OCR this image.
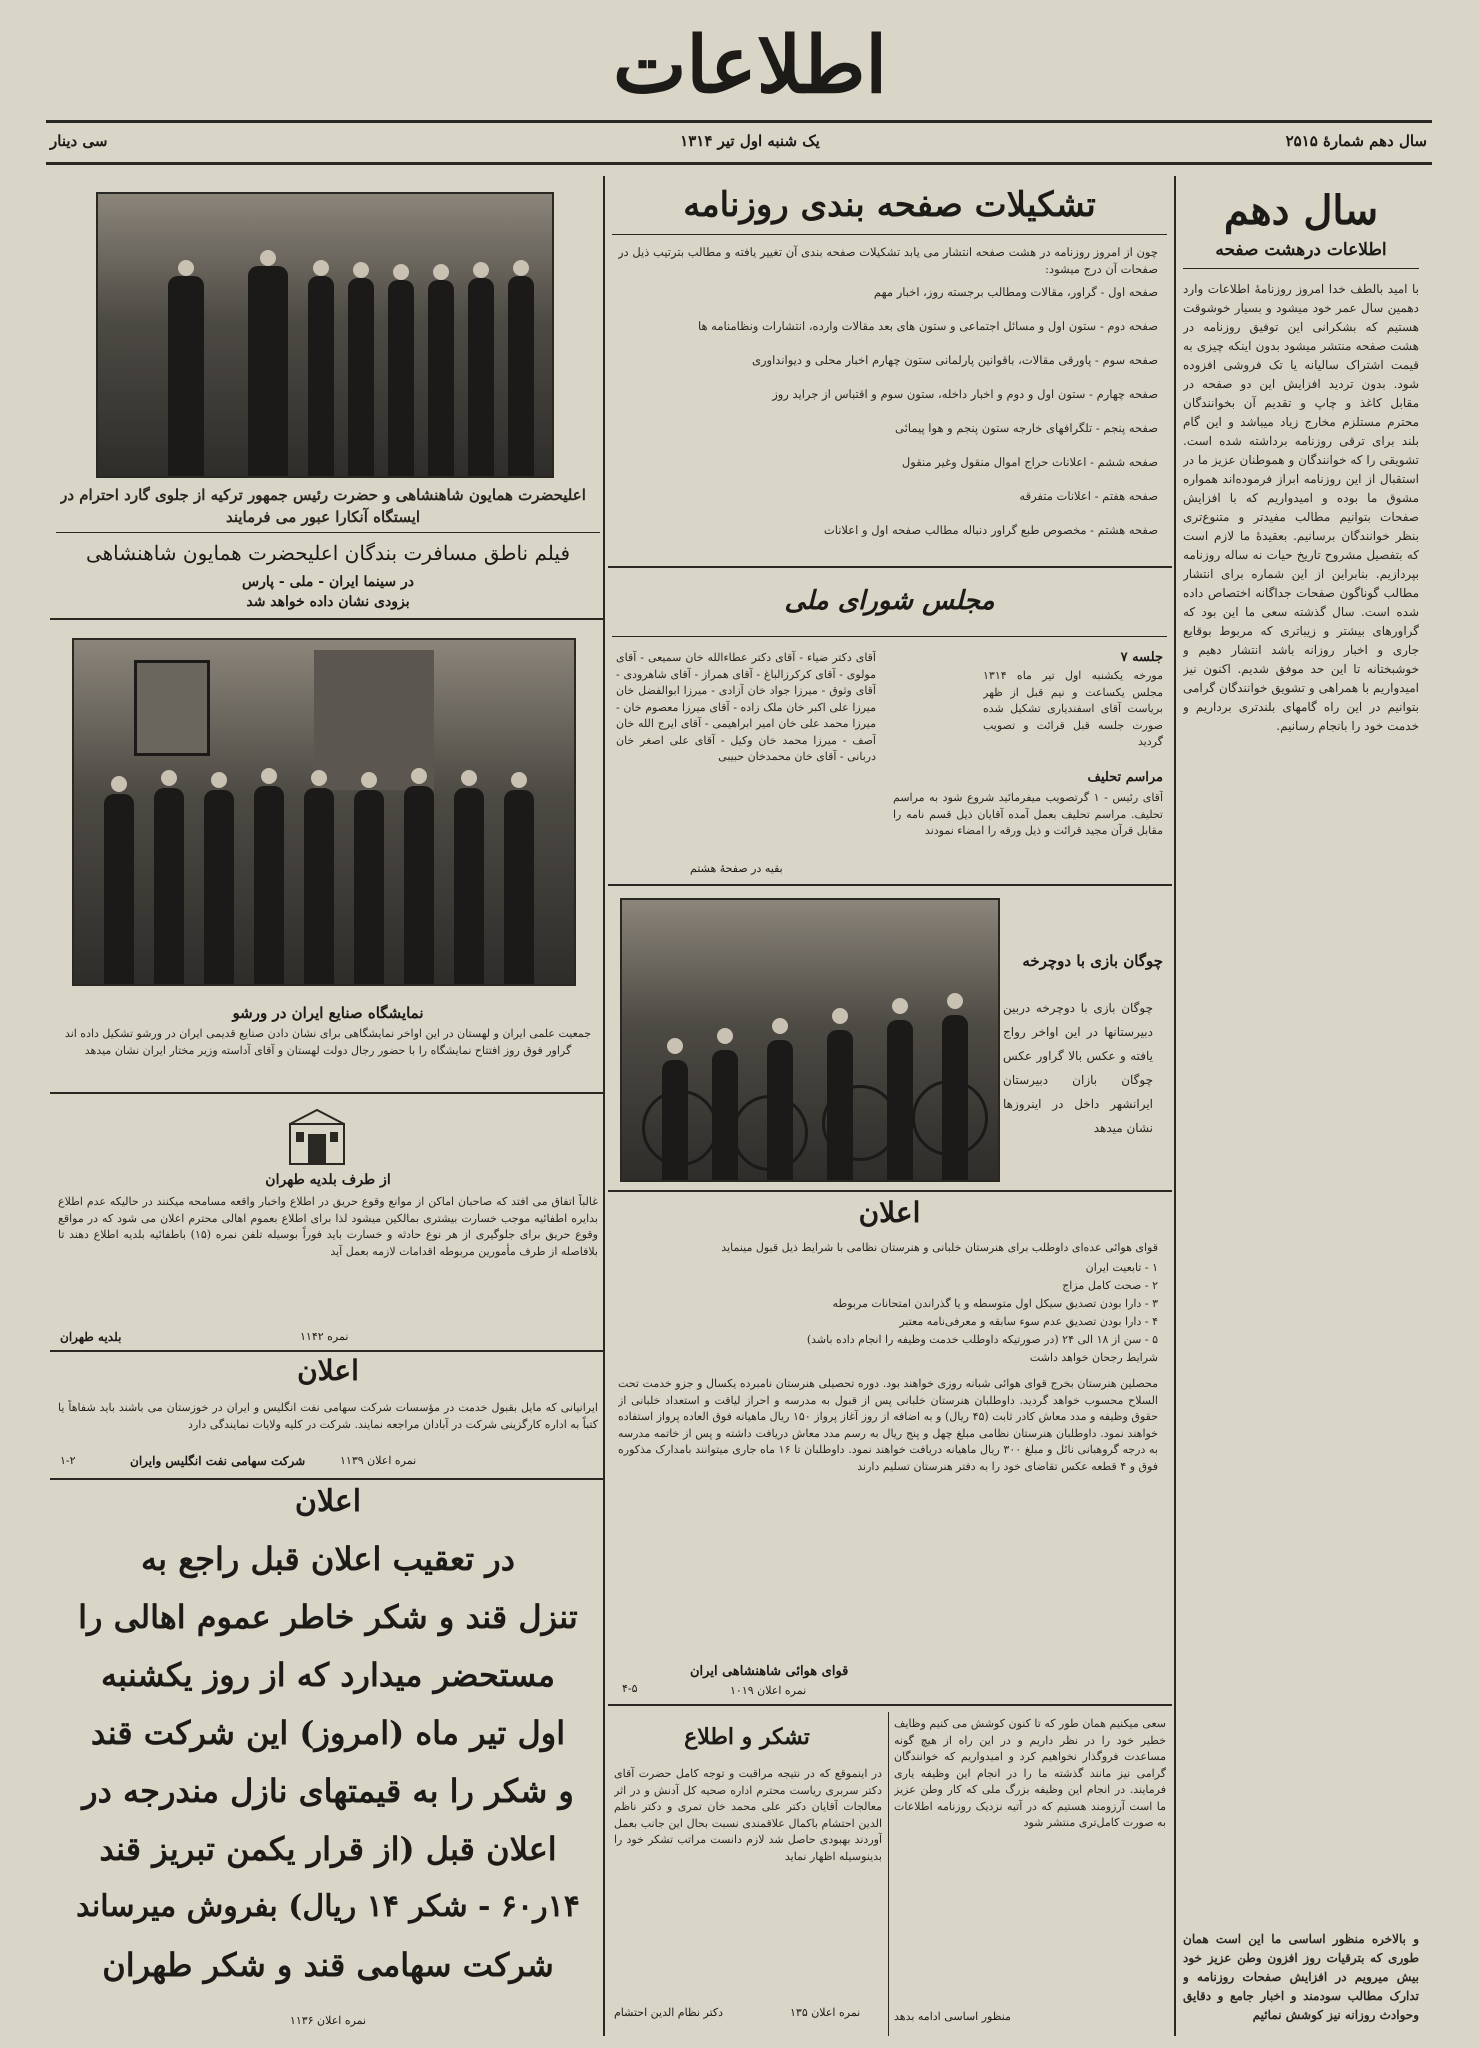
اطلاعات
سال دهم شمارهٔ ۲۵۱۵
یک شنبه اول تیر ۱۳۱۴
سی دینار
سال دهم
اطلاعات درهشت صفحه
با امید بالطف خدا امروز روزنامهٔ اطلاعات وارد دهمین سال عمر خود میشود و بسیار خوشوقت هستیم که بشکرانی این توفیق روزنامه در هشت صفحه منتشر میشود بدون اینکه چیزی به قیمت اشتراک سالیانه یا تک فروشی افزوده شود. بدون تردید افزایش این دو صفحه در مقابل کاغذ و چاپ و تقدیم آن بخوانندگان محترم مستلزم مخارج زیاد میباشد و این گام بلند برای ترقی روزنامه برداشته شده است. تشویقی را که خوانندگان و هموطنان عزیز ما در استقبال از این روزنامه ابراز فرموده‌اند همواره مشوق ما بوده و امیدواریم که با افزایش صفحات بتوانیم مطالب مفیدتر و متنوع‌تری بنظر خوانندگان برسانیم. بعقیدهٔ ما لازم است که بتفصیل مشروح تاریخ حیات نه ساله روزنامه بپردازیم. بنابراین از این شماره برای انتشار مطالب گوناگون صفحات جداگانه اختصاص داده شده است. سال گذشته سعی ما این بود که گراورهای بیشتر و زیباتری که مربوط بوقایع جاری و اخبار روزانه باشد انتشار دهیم و خوشبختانه تا این حد موفق شدیم. اکنون نیز امیدواریم با همراهی و تشویق خوانندگان گرامی بتوانیم در این راه گامهای بلندتری برداریم و خدمت خود را بانجام رسانیم.
و بالاخره منظور اساسی ما این است همان طوری که بترقیات روز افزون وطن عزیز خود بیش میرویم در افزایش صفحات روزنامه و تدارک مطالب سودمند و اخبار جامع و دقایق وحوادث روزانه نیز کوشش نمائیم
تشکیلات صفحه بندی روزنامه
چون از امروز روزنامه در هشت صفحه انتشار می یابد تشکیلات صفحه بندی آن تغییر یافته و مطالب بترتیب ذیل در صفحات آن درج میشود:
صفحه اول - گراور، مقالات ومطالب برجسته روز، اخبار مهم
صفحه دوم - ستون اول و مسائل اجتماعی و ستون های بعد مقالات وارده، انتشارات ونظامنامه ها
صفحه سوم - پاورقی مقالات، باقوانین پارلمانی ستون چهارم اخبار محلی و دیوانداوری
صفحه چهارم - ستون اول و دوم و اخبار داخله، ستون سوم و اقتباس از جراید روز
صفحه پنجم - تلگرافهای خارجه ستون پنجم و هوا پیمائی
صفحه ششم - اعلانات حراج اموال منقول وغیر منقول
صفحه هفتم - اعلانات متفرقه
صفحه هشتم - مخصوص طبع گراور دنباله مطالب صفحه اول و اعلانات
مجلس شورای ملی
جلسه ۷
مورخه یکشنبه اول تیر ماه ۱۳۱۴ مجلس یکساعت و نیم قبل از ظهر بریاست آقای اسفندیاری تشکیل شده صورت جلسه قبل قرائت و تصویب گردید
مراسم تحلیف
آقای رئیس - ۱ گرتصویب میفرمائید شروع شود به مراسم تحلیف. مراسم تحلیف بعمل آمده آقایان ذیل قسم نامه را مقابل قرآن مجید قرائت و ذیل ورقه را امضاء نمودند
آقای دکتر ضیاء - آقای دکتر عطاءالله خان سمیعی - آقای مولوی - آقای کرکرزالباغ - آقای همراز - آقای شاهرودی - آقای وثوق - میرزا جواد خان آزادی - میرزا ابوالفضل خان میرزا علی اکبر خان ملک زاده - آقای میرزا معصوم خان - میرزا محمد علی خان امیر ابراهیمی - آقای ایرج الله خان آصف - میرزا محمد خان وکیل - آقای علی اصغر خان دربانی - آقای خان محمدخان حبیبی
بقیه در صفحهٔ هشتم
چوگان بازی با دوچرخه
چوگان بازی با دوچرخه دربین دبیرستانها در این اواخر رواج یافته و عکس بالا گراور عکس چوگان بازان دبیرستان ایرانشهر داخل در اینروزها نشان میدهد
اعلان
قوای هوائی عده‌ای داوطلب برای هنرستان خلبانی و هنرستان نظامی با شرایط ذیل قبول مینماید
۱ - تابعیت ایران
۲ - صحت کامل مزاج
۳ - دارا بودن تصدیق سیکل اول متوسطه و یا گذراندن امتحانات مربوطه
۴ - دارا بودن تصدیق عدم سوء سابقه و معرفی‌نامه معتبر
۵ - سن از ۱۸ الی ۲۴ (در صورتیکه داوطلب خدمت وظیفه را انجام داده باشد)
شرایط رجحان خواهد داشت
محصلین هنرستان بخرج قوای هوائی شبانه روزی خواهند بود. دوره تحصیلی هنرستان نامبرده یکسال و جزو خدمت تحت السلاح محسوب خواهد گردید. داوطلبان هنرستان خلبانی پس از قبول به مدرسه و احراز لیاقت و استعداد خلبانی از حقوق وظیفه و مدد معاش کادر ثابت (۴۵ ریال) و به اضافه از روز آغاز پرواز ۱۵۰ ریال ماهیانه فوق العاده پرواز استفاده خواهند نمود. داوطلبان هنرستان نظامی مبلغ چهل و پنج ریال به رسم مدد معاش دریافت داشته و پس از خاتمه مدرسه به درجه گروهبانی نائل و مبلغ ۳۰۰ ریال ماهیانه دریافت خواهند نمود. داوطلبان تا ۱۶ ماه جاری میتوانند بامدارک مذکوره فوق و ۴ قطعه عکس تقاضای خود را به دفتر هنرستان تسلیم دارند
قوای هوائی شاهنشاهی ایران
نمره اعلان ۱۰۱۹
۴-۵
تشکر و اطلاع
در اینموقع که در نتیجه مراقبت و توجه کامل حضرت آقای دکتر سربری ریاست محترم اداره صحیه کل آدنش و در اثر معالجات آقایان دکتر علی محمد خان تمری و دکتر ناظم الدین احتشام باکمال علاقمندی نسبت بحال این جانب بعمل آوردند بهبودی حاصل شد لازم دانست مراتب تشکر خود را بدینوسیله اظهار نماید
دکتر نظام الدین احتشام	نمره اعلان ۱۳۵
سعی میکنیم همان طور که تا کنون کوشش می کنیم وظایف خطیر خود را در نظر داریم و در این راه از هیچ گونه مساعدت فروگذار نخواهیم کرد و امیدواریم که خوانندگان گرامی نیز مانند گذشته ما را در انجام این وظیفه یاری فرمایند. در انجام این وظیفه بزرگ ملی که کار وطن عزیز ما است آرزومند هستیم که در آتیه نزدیک روزنامه اطلاعات به صورت کامل‌تری منتشر شود
منظور اساسی ادامه بدهد
اعلیحضرت همایون شاهنشاهی و حضرت رئیس جمهور ترکیه از جلوی گارد احترام در ایستگاه آنکارا عبور می فرمایند
فیلم ناطق مسافرت بندگان اعلیحضرت همایون شاهنشاهی
در سینما ایران - ملی - پارس
بزودی نشان داده خواهد شد
نمایشگاه صنایع ایران در ورشو
جمعیت علمی ایران و لهستان در این اواخر نمایشگاهی برای نشان دادن صنایع قدیمی ایران در ورشو تشکیل داده اند گراور فوق روز افتتاح نمایشگاه را با حضور رجال دولت لهستان و آقای آداسته وزیر مختار ایران نشان میدهد
از طرف بلدیه طهران
غالباً اتفاق می افتد که صاحبان اماکن از موانع وقوع حریق در اطلاع واخبار واقعه مسامحه میکنند در حالیکه عدم اطلاع بدایره اطفائیه موجب خسارت بیشتری بمالکین میشود لذا برای اطلاع بعموم اهالی محترم اعلان می شود که در مواقع وقوع حریق برای جلوگیری از هر نوع حادثه و خسارت باید فوراً بوسیله تلفن نمره (۱۵) باطفائیه بلدیه اطلاع دهند تا بلافاصله از طرف مأمورین مربوطه اقدامات لازمه بعمل آید
بلدیه طهران	نمره ۱۱۴۲
اعلان
ایرانیانی که مایل بقبول خدمت در مؤسسات شرکت سهامی نفت انگلیس و ایران در خوزستان می باشند باید شفاهاً یا کتباً به اداره کارگزینی شرکت در آبادان مراجعه نمایند. شرکت در کلیه ولایات نمایندگی دارد
شرکت سهامی نفت انگلیس وایران	نمره اعلان ۱۱۳۹
۱-۲
اعلان
در تعقیب اعلان قبل راجع به
تنزل قند و شکر خاطر عموم اهالی را
مستحضر میدارد که از روز یکشنبه
اول تیر ماه (امروز) این شرکت قند
و شکر را به قیمتهای نازل مندرجه در
اعلان قبل (از قرار یکمن تبریز قند
۱۴ر۶۰ - شکر ۱۴ ریال) بفروش میرساند
شرکت سهامی قند و شکر طهران
نمره اعلان ۱۱۳۶
